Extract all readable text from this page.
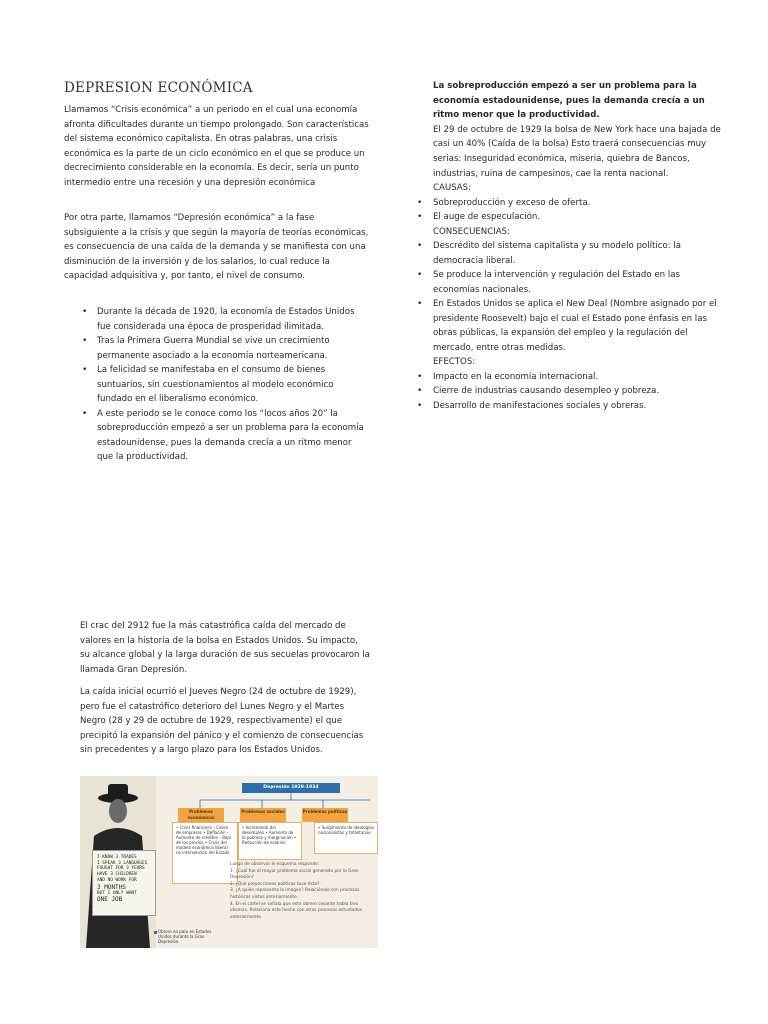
DEPRESION ECONÓMICA

Llamamos “Crisis económica” a un periodo en el cual una economía afronta dificultades durante un tiempo prolongado. Son características del sistema económico capitalista. En otras palabras, una crisis económica es la parte de un ciclo económico en el que se produce un decrecimiento considerable en la economía. Es decir, sería un punto intermedio entre una recesión y una depresión económica

Por otra parte, llamamos “Depresión económica” a la fase subsiguiente a la crisis y que según la mayoría de teorías económicas, es consecuencia de una caída de la demanda y se manifiesta con una disminución de la inversión y de los salarios, lo cual reduce la capacidad adquisitiva y, por tanto, el nivel de consumo.

• Durante la década de 1920, la economía de Estados Unidos fue considerada una época de prosperidad ilimitada.
• Tras la Primera Guerra Mundial se vive un crecimiento permanente asociado a la economía norteamericana.
• La felicidad se manifestaba en el consumo de bienes suntuarios, sin cuestionamientos al modelo económico fundado en el liberalismo económico.
• A este periodo se le conoce como los “locos años 20” la sobreproducción empezó a ser un problema para la economía estadounidense, pues la demanda crecía a un ritmo menor que la productividad.

El crac del 2912 fue la más catastrófica caída del mercado de valores en la historia de la bolsa en Estados Unidos. Su impacto, su alcance global y la larga duración de sus secuelas provocaron la llamada Gran Depresión.

La caída inicial ocurrió el Jueves Negro (24 de octubre de 1929), pero fue el catastrófico deterioro del Lunes Negro y el Martes Negro (28 y 29 de octubre de 1929, respectivamente) el que precipitó la expansión del pánico y el comienzo de consecuencias sin precedentes y a largo plazo para los Estados Unidos.

La sobreproducción empezó a ser un problema para la economía estadounidense, pues la demanda crecía a un ritmo menor que la productividad.

El 29 de octubre de 1929 la bolsa de New York hace una bajada de casi un 40% (Caída de la bolsa) Esto traerá consecuencias muy serias: Inseguridad económica, miseria, quiebra de Bancos, industrias, ruina de campesinos, cae la renta nacional.

CAUSAS:

• Sobreproducción y exceso de oferta.
• El auge de especulación.

CONSECUENCIAS:

• Descrédito del sistema capitalista y su modelo político: la democracia liberal.
• Se produce la intervención y regulación del Estado en las economías nacionales.
• En Estados Unidos se aplica el New Deal (Nombre asignado por el presidente Roosevelt) bajo el cual el Estado pone énfasis en las obras públicas, la expansión del empleo y la regulación del mercado, entre otras medidas.

EFECTOS:

• Impacto en la economía internacional.
• Cierre de industrias causando desempleo y pobreza.
• Desarrollo de manifestaciones sociales y obreras.
I KNOW 3 TRADES
I SPEAK 3 LANGUAGES
FOUGHT FOR 3 YEARS
HAVE 3 CHILDREN
AND NO WORK FOR
3 MONTHS
BUT I ONLY WANT
ONE JOB
Depresión 1929-1934
Problemas económicos
Problemas sociales	Problemas políticos
• Crisis financiera – Cierre de empresas • Deflación – Aumento de créditos – Baja de los precios • Crisis del modelo económico liberal: no intervención del Estado
• Incremento del desempleo • Aumento de la pobreza y marginación • Reducción de salarios
• Surgimiento de ideologías nacionalistas y totalitarias
Luego de observar el esquema responde:
1. ¿Cuál fue el mayor problema social generado por la Gran Depresión?
2. ¿Qué proyecciones políticas tuvo ésta?
3. ¿A quién representa la imagen? Relaciónalo con procesos históricos vistos anteriormente.
4. En el cartel se señala que este obrero cesante habla tres idiomas. Relaciona este hecho con otros procesos estudiados anteriormente.
Obrero en paro en Estados Unidos durante la Gran Depresión.
